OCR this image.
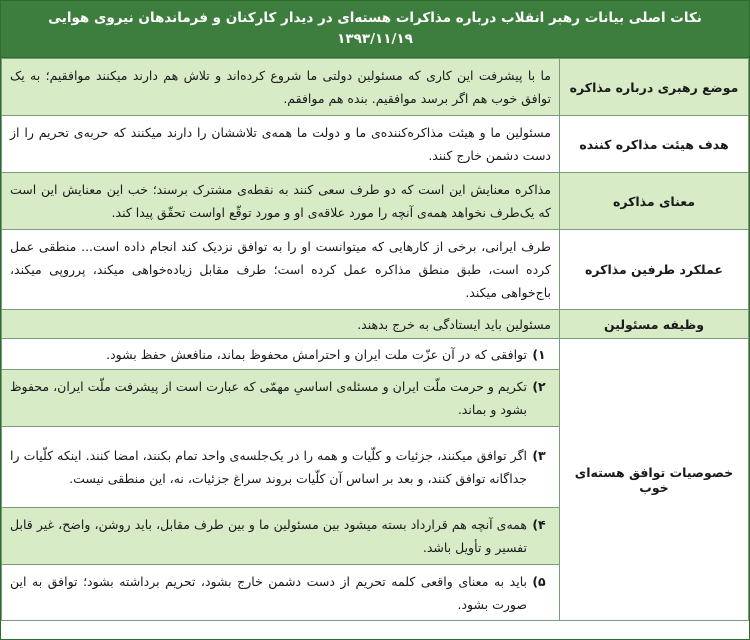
نکات اصلی بیانات رهبر انقلاب درباره مذاکرات هسته‌ای در دیدار کارکنان و فرماندهان نیروی هوایی
۱۳۹۳/۱۱/۱۹
موضع رهبری درباره مذاکره	ما با پیشرفت این کاری که مسئولین دولتی ما شروع کرده‌اند و تلاش هم دارند میکنند موافقیم؛ به یک توافق خوب هم اگر برسد موافقیم. بنده هم موافقم.
هدف هیئت مذاکره کننده	مسئولین ما و هیئت مذاکره‌کننده‌ی ما و دولت ما همه‌ی تلاششان را دارند میکنند که حربه‌ی تحریم را از دست دشمن خارج کنند.
معنای مذاکره	مذاکره معنایش این است که دو طرف سعی کنند به نقطه‌ی مشترک برسند؛ خب این معنایش این است که یک‌طرف نخواهد همه‌ی آنچه را مورد علاقه‌ی او و مورد توقّع اواست تحقّق پیدا کند.
عملکرد طرفین مذاکره	طرف ایرانی، برخی از کارهایی که میتوانست او را به توافق نزدیک کند انجام داده است... منطقی عمل کرده است، طبق منطق مذاکره عمل کرده است؛ طرف مقابل زیاده‌خواهی میکند، پرروپی میکند، باج‌خواهی میکند.
وظیفه مسئولین	مسئولین باید ایستادگی به خرج بدهند.
خصوصیات توافق هسته‌ای خوب	۱)
توافقی که در آن عزّت ملت ایران و احترامش محفوظ بماند، منافعش حفظ بشود.

	۲)
تکریم و حرمت ملّت ایران و مسئله‌ی اساسیِ مهمّی که عبارت است از پیشرفت ملّت ایران، محفوظ بشود و بماند.

	۳)
اگر توافق میکنند، جزئیات و کلّیات و همه را در یک‌جلسه‌ی واحد تمام بکنند، امضا کنند. اینکه کلّیات را جداگانه توافق کنند، و بعد بر اساس آن کلّیات بروند سراغ جزئیات، نه، این منطقی نیست.

	۴)
همه‌ی آنچه هم قرارداد بسته میشود بین مسئولین ما و بین طرف مقابل، باید روشن، واضح، غیر قابل تفسیر و تأویل باشد.

	۵)
باید به معنای واقعی کلمه تحریم از دست دشمن خارج بشود، تحریم برداشته بشود؛ توافق به این صورت بشود.
